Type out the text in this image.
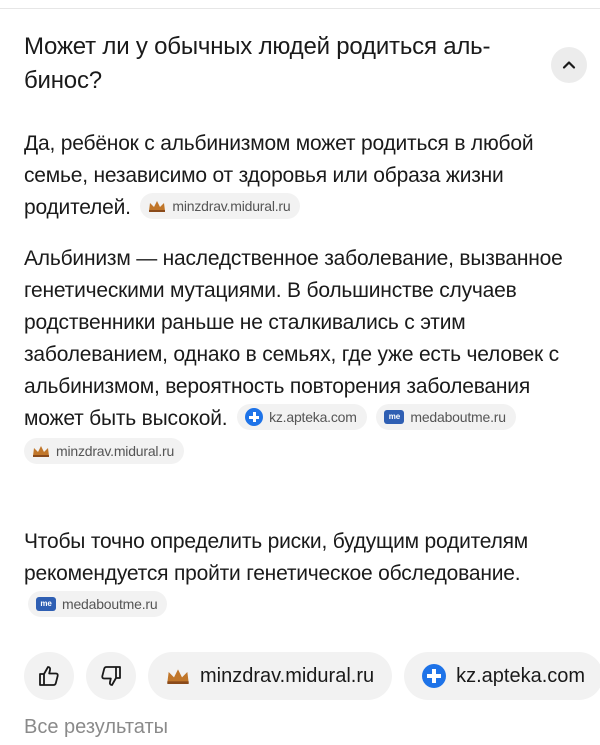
Может ли у обычных людей родиться альбинос?
Да, ребёнок с альбинизмом может родиться в любой семье, независимо от здоровья или образа жизни родителей.	minzdrav.midural.ru
Альбинизм — наследственное заболевание, вызванное генетическими мутациями. В большинстве случаев родственники раньше не сталкивались с этим заболеванием, однако в семьях, где уже есть человек с альбинизмом, вероятность повторения заболевания может быть высокой.	kz.apteka.com
	me medaboutme.ru

minzdrav.midural.ru
Чтобы точно определить риски, будущим родителям рекомендуется пройти генетическое обследование.
me medaboutme.ru
minzdrav.midural.ru	kz.apteka.com
Все результаты
